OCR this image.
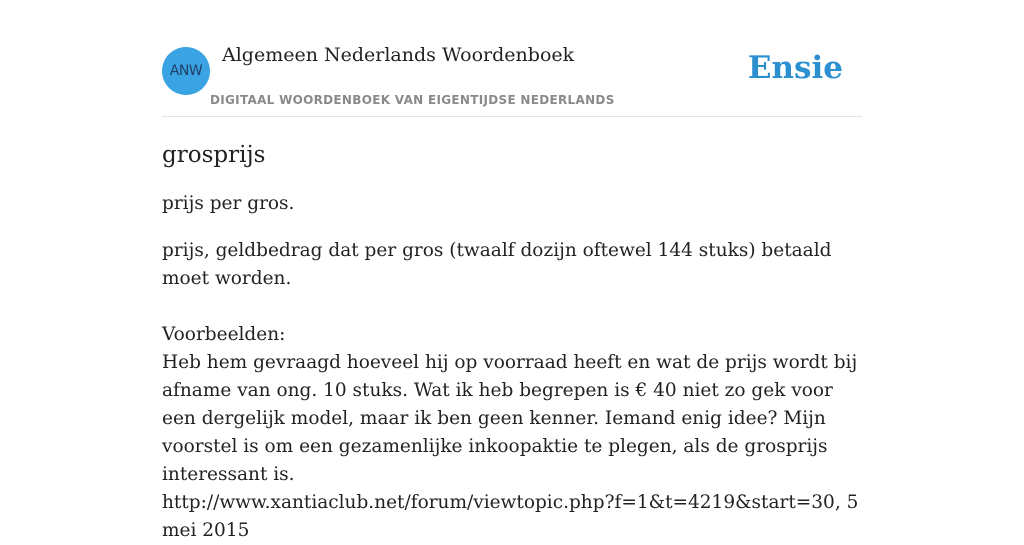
ANW
Algemeen Nederlands Woordenboek
DIGITAAL WOORDENBOEK VAN EIGENTIJDSE NEDERLANDS
Ensie
grosprijs

prijs per gros.

prijs, geldbedrag dat per gros (twaalf dozijn oftewel 144 stuks) betaald moet worden.

Voorbeelden:

Heb hem gevraagd hoeveel hij op voorraad heeft en wat de prijs wordt bij afname van ong. 10 stuks. Wat ik heb begrepen is € 40 niet zo gek voor een dergelijk model, maar ik ben geen kenner. Iemand enig idee? Mijn voorstel is om een gezamenlijke inkoopaktie te plegen, als de grosprijs interessant is.

http://www.xantiaclub.net/forum/viewtopic.php?f=1&t=4219&start=30, 5 mei 2015
